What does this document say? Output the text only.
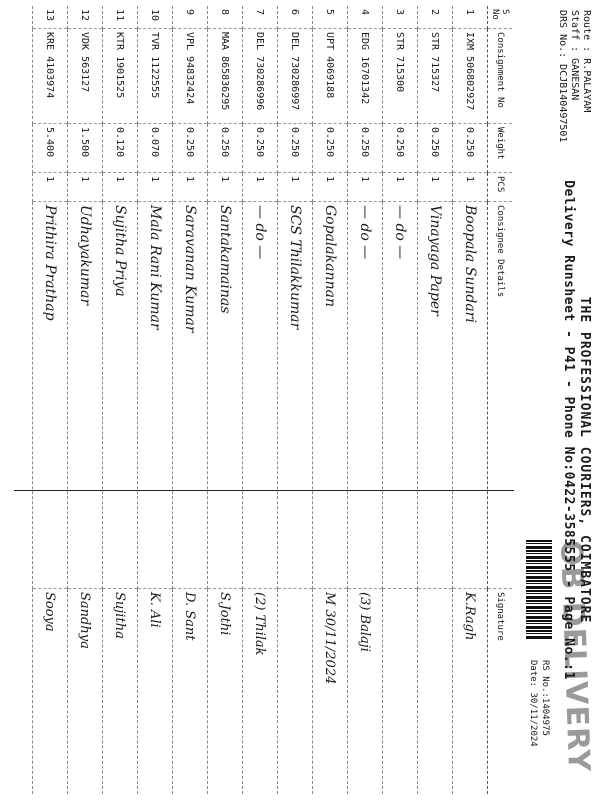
OB DELIVERY
THE PROFESSIONAL COURIERS, COIMBATORE
Delivery Runsheet - P41 - Phone No:0422-3585555 - Page No.:1
Route : R.PALAYAM
Staff : GANESAN
DRS No.: DCJB140497501
RS No.:1404975
Date: 30/11/2024
S No	Consignment No	Weight	PCS	Consignee Details	Signature
1	IXM 506802927	0.250	1	Boopala Sundari	K.Ragh
2	STR 715327	0.250	1	Vinayaga Paper	
3	STR 715300	0.250	1	— do —	
4	EDG 16701342	0.250	1	— do —	(3) Balaji
5	UPT 4069188	0.250	1	Gopalakannan	M 30/11/2024
6	DEL 730286997	0.250	1	SCS Thilakkumar	
7	DEL 730286996	0.250	1	— do —	(2) Thilak
8	MAA 865836295	0.250	1	Santakamainas	S.Jothi
9	VPL 94832424	0.250	1	Saravanan Kumar	D. Sant
10	TVR 1122555	0.070	1	Mala Rani Kumar	K. Ali
11	KTR 1901525	0.120	1	Sujitha Priya	Sujitha
12	VDK 563127	1.500	1	Udhayakumar	Sandhya
13	KRE 4103974	5.400	1	Prithira Prathap	Sooya
